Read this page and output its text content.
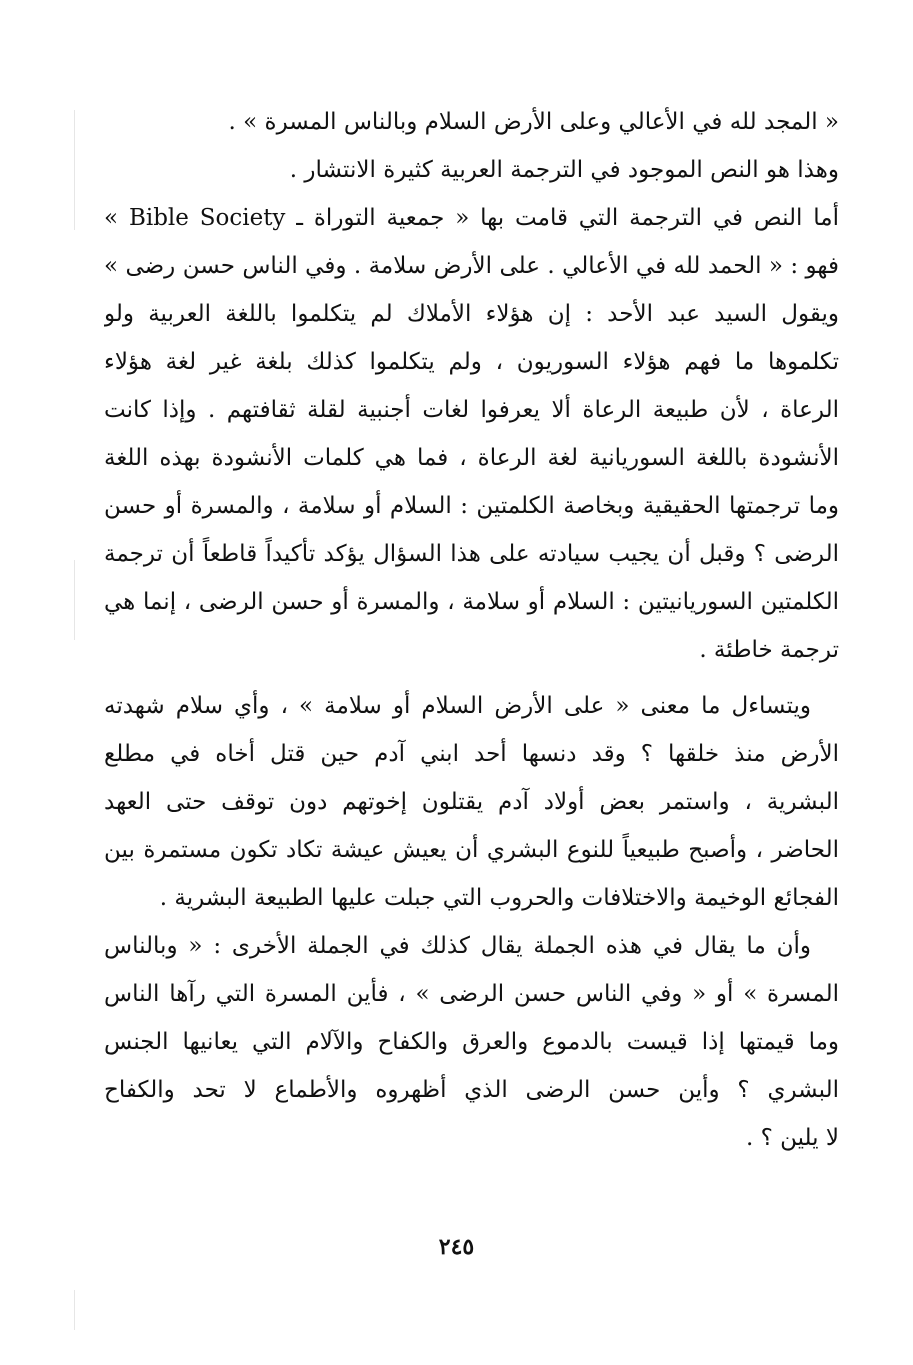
« المجد لله في الأعالي وعلى الأرض السلام وبالناس المسرة » .
وهذا هو النص الموجود في الترجمة العربية كثيرة الانتشار .
أما النص في الترجمة التي قامت بها « جمعية التوراة ـ Bible Society »
فهو : « الحمد لله في الأعالي . على الأرض سلامة . وفي الناس حسن رضى »
ويقول السيد عبد الأحد : إن هؤلاء الأملاك لم يتكلموا باللغة العربية ولو
تكلموها ما فهم هؤلاء السوريون ، ولم يتكلموا كذلك بلغة غير لغة هؤلاء
الرعاة ، لأن طبيعة الرعاة ألا يعرفوا لغات أجنبية لقلة ثقافتهم . وإذا كانت
الأنشودة باللغة السوريانية لغة الرعاة ، فما هي كلمات الأنشودة بهذه اللغة
وما ترجمتها الحقيقية وبخاصة الكلمتين : السلام أو سلامة ، والمسرة أو حسن
الرضى ؟ وقبل أن يجيب سيادته على هذا السؤال يؤكد تأكيداً قاطعاً أن ترجمة
الكلمتين السوريانيتين : السلام أو سلامة ، والمسرة أو حسن الرضى ، إنما هي
ترجمة خاطئة .
ويتساءل ما معنى « على الأرض السلام أو سلامة » ، وأي سلام شهدته
الأرض منذ خلقها ؟ وقد دنسها أحد ابني آدم حين قتل أخاه في مطلع
البشرية ، واستمر بعض أولاد آدم يقتلون إخوتهم دون توقف حتى العهد
الحاضر ، وأصبح طبيعياً للنوع البشري أن يعيش عيشة تكاد تكون مستمرة بين
الفجائع الوخيمة والاختلافات والحروب التي جبلت عليها الطبيعة البشرية .
وأن ما يقال في هذه الجملة يقال كذلك في الجملة الأخرى : « وبالناس
المسرة » أو « وفي الناس حسن الرضى » ، فأين المسرة التي رآها الناس
وما قيمتها إذا قيست بالدموع والعرق والكفاح والآلام التي يعانيها الجنس
البشري ؟ وأين حسن الرضى الذي أظهروه والأطماع لا تحد والكفاح
لا يلين ؟ .
٢٤٥
